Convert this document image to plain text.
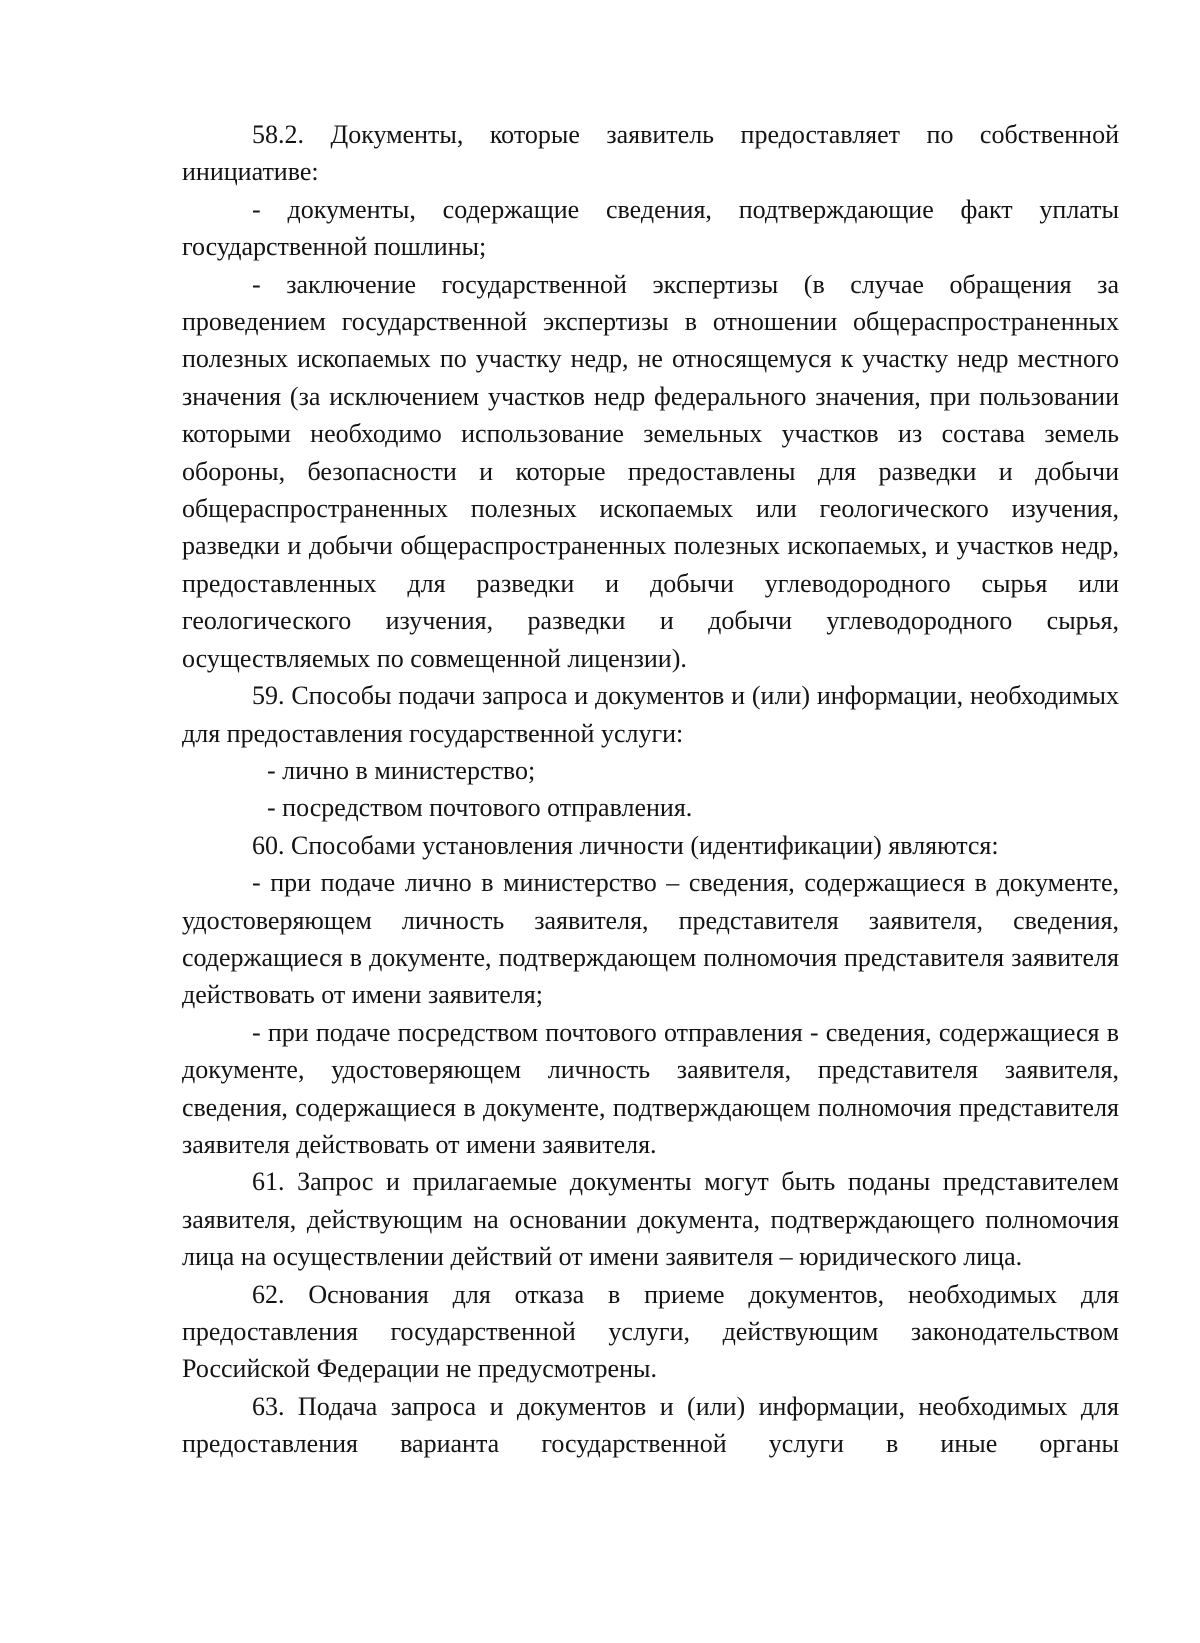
58.2. Документы, которые заявитель предоставляет по собственной инициативе:

- документы, содержащие сведения, подтверждающие факт уплаты государственной пошлины;

- заключение государственной экспертизы (в случае обращения за проведением государственной экспертизы в отношении общераспространенных полезных ископаемых по участку недр, не относящемуся к участку недр местного значения (за исключением участков недр федерального значения, при пользовании которыми необходимо использование земельных участков из состава земель обороны, безопасности и которые предоставлены для разведки и добычи общераспространенных полезных ископаемых или геологического изучения, разведки и добычи общераспространенных полезных ископаемых, и участков недр, предоставленных для разведки и добычи углеводородного сырья или геологического изучения, разведки и добычи углеводородного сырья, осуществляемых по совмещенной лицензии).

59. Способы подачи запроса и документов и (или) информации, необходимых для предоставления государственной услуги:

- лично в министерство;

- посредством почтового отправления.

60. Способами установления личности (идентификации) являются:

- при подаче лично в министерство – сведения, содержащиеся в документе, удостоверяющем личность заявителя, представителя заявителя, сведения, содержащиеся в документе, подтверждающем полномочия представителя заявителя действовать от имени заявителя;

- при подаче посредством почтового отправления - сведения, содержащиеся в документе, удостоверяющем личность заявителя, представителя заявителя, сведения, содержащиеся в документе, подтверждающем полномочия представителя заявителя действовать от имени заявителя.

61. Запрос и прилагаемые документы могут быть поданы представителем заявителя, действующим на основании документа, подтверждающего полномочия лица на осуществлении действий от имени заявителя – юридического лица.

62. Основания для отказа в приеме документов, необходимых для предоставления государственной услуги, действующим законодательством Российской Федерации не предусмотрены.

63. Подача запроса и документов и (или) информации, необходимых для предоставления варианта государственной услуги в иные органы
